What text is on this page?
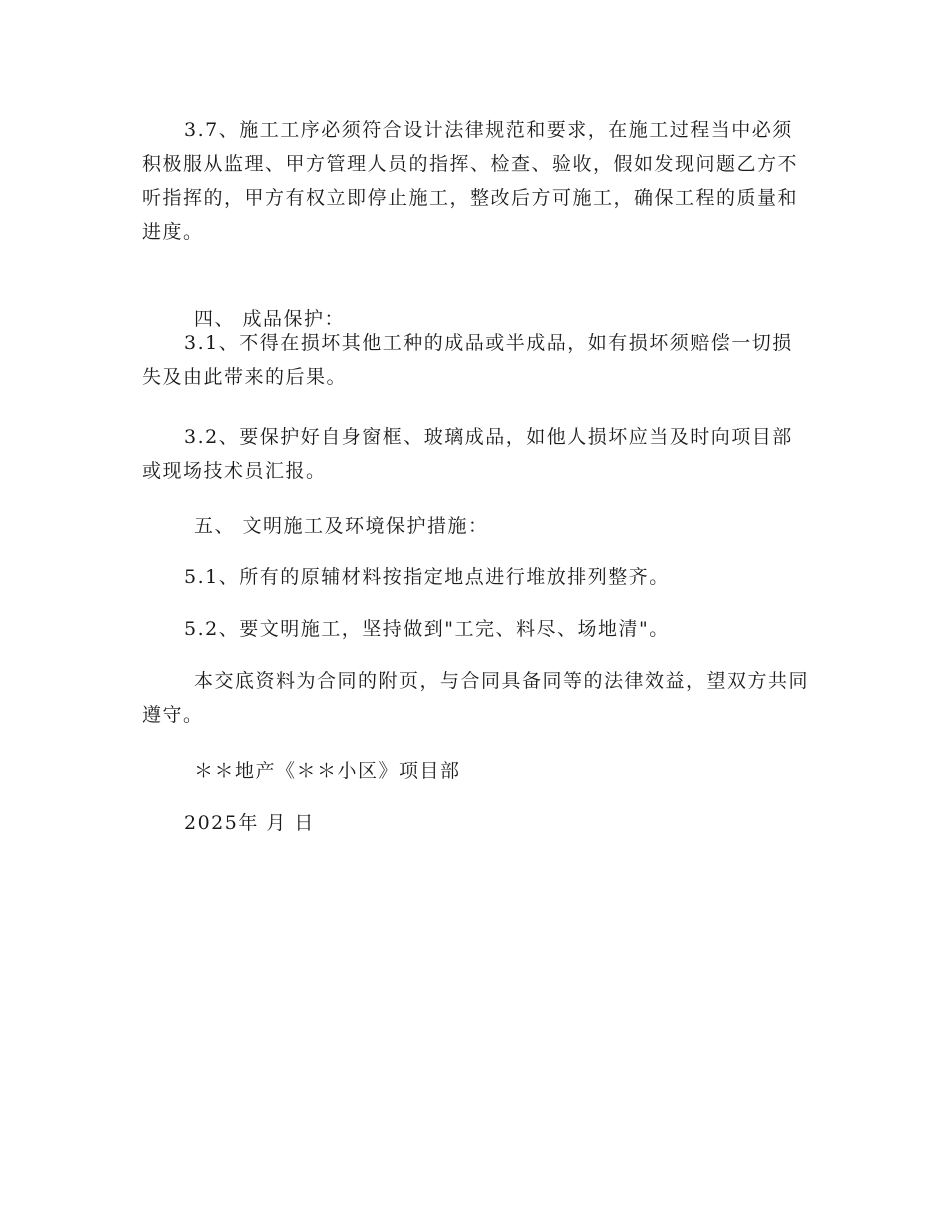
3.7、施工工序必须符合设计法律规范和要求，在施工过程当中必须积极服从监理、甲方管理人员的指挥、检查、验收，假如发现问题乙方不听指挥的，甲方有权立即停止施工，整改后方可施工，确保工程的质量和进度。

四、 成品保护：

3.1、不得在损坏其他工种的成品或半成品，如有损坏须赔偿一切损失及由此带来的后果。

3.2、要保护好自身窗框、玻璃成品，如他人损坏应当及时向项目部或现场技术员汇报。

五、 文明施工及环境保护措施：

5.1、所有的原辅材料按指定地点进行堆放排列整齐。

5.2、要文明施工，坚持做到"工完、料尽、场地清"。

本交底资料为合同的附页，与合同具备同等的法律效益，望双方共同遵守。

＊＊地产《＊＊小区》项目部

2025年 月 日
